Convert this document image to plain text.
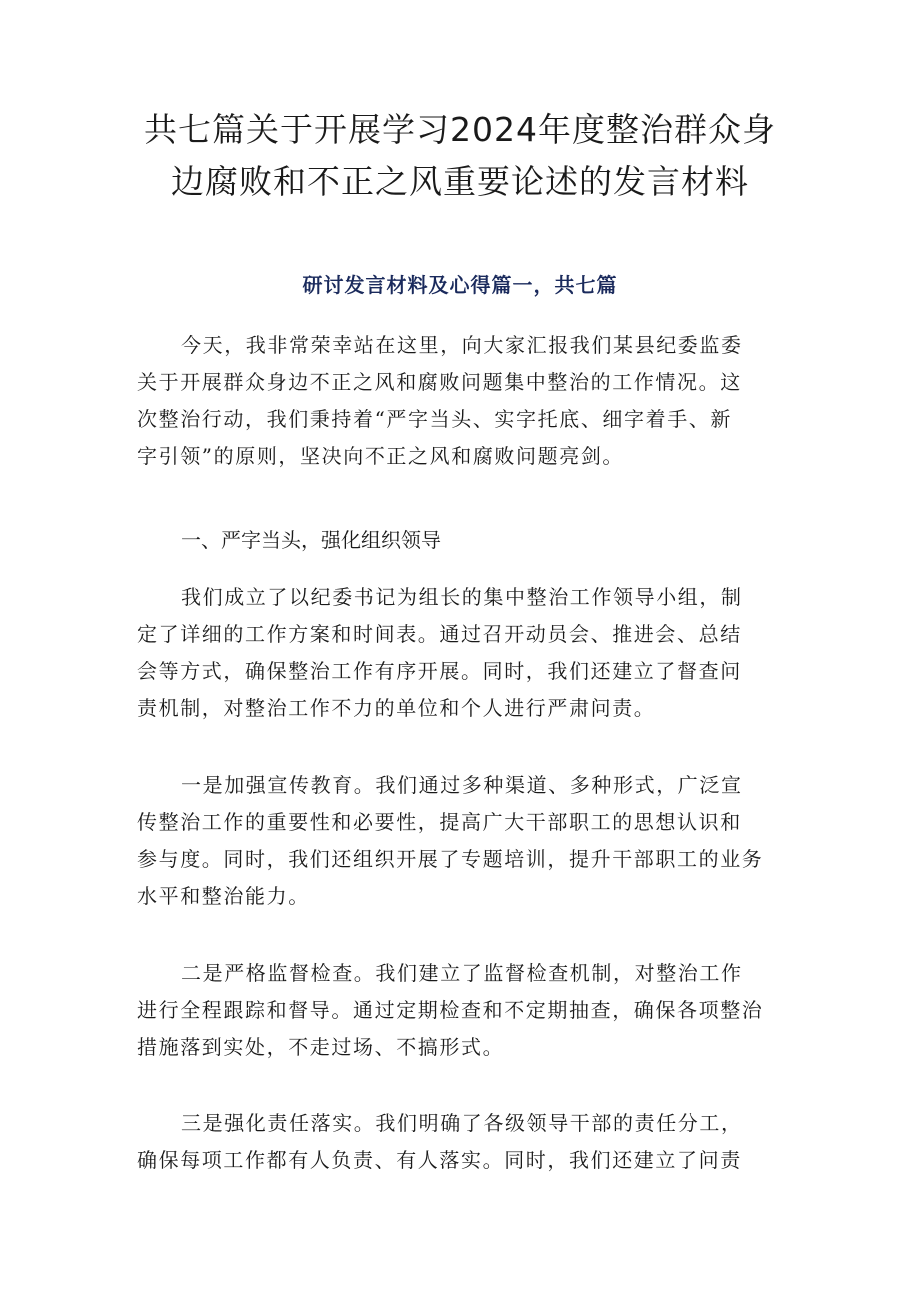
共七篇关于开展学习2024年度整治群众身
边腐败和不正之风重要论述的发言材料
研讨发言材料及心得篇一，共七篇

今天，我非常荣幸站在这里，向大家汇报我们某县纪委监委
关于开展群众身边不正之风和腐败问题集中整治的工作情况。这
次整治行动，我们秉持着“严字当头、实字托底、细字着手、新
字引领”的原则，坚决向不正之风和腐败问题亮剑。

一、严字当头，强化组织领导

我们成立了以纪委书记为组长的集中整治工作领导小组，制
定了详细的工作方案和时间表。通过召开动员会、推进会、总结
会等方式，确保整治工作有序开展。同时，我们还建立了督查问
责机制，对整治工作不力的单位和个人进行严肃问责。

一是加强宣传教育。我们通过多种渠道、多种形式，广泛宣
传整治工作的重要性和必要性，提高广大干部职工的思想认识和
参与度。同时，我们还组织开展了专题培训，提升干部职工的业务
水平和整治能力。

二是严格监督检查。我们建立了监督检查机制，对整治工作
进行全程跟踪和督导。通过定期检查和不定期抽查，确保各项整治
措施落到实处，不走过场、不搞形式。

三是强化责任落实。我们明确了各级领导干部的责任分工，
确保每项工作都有人负责、有人落实。同时，我们还建立了问责
